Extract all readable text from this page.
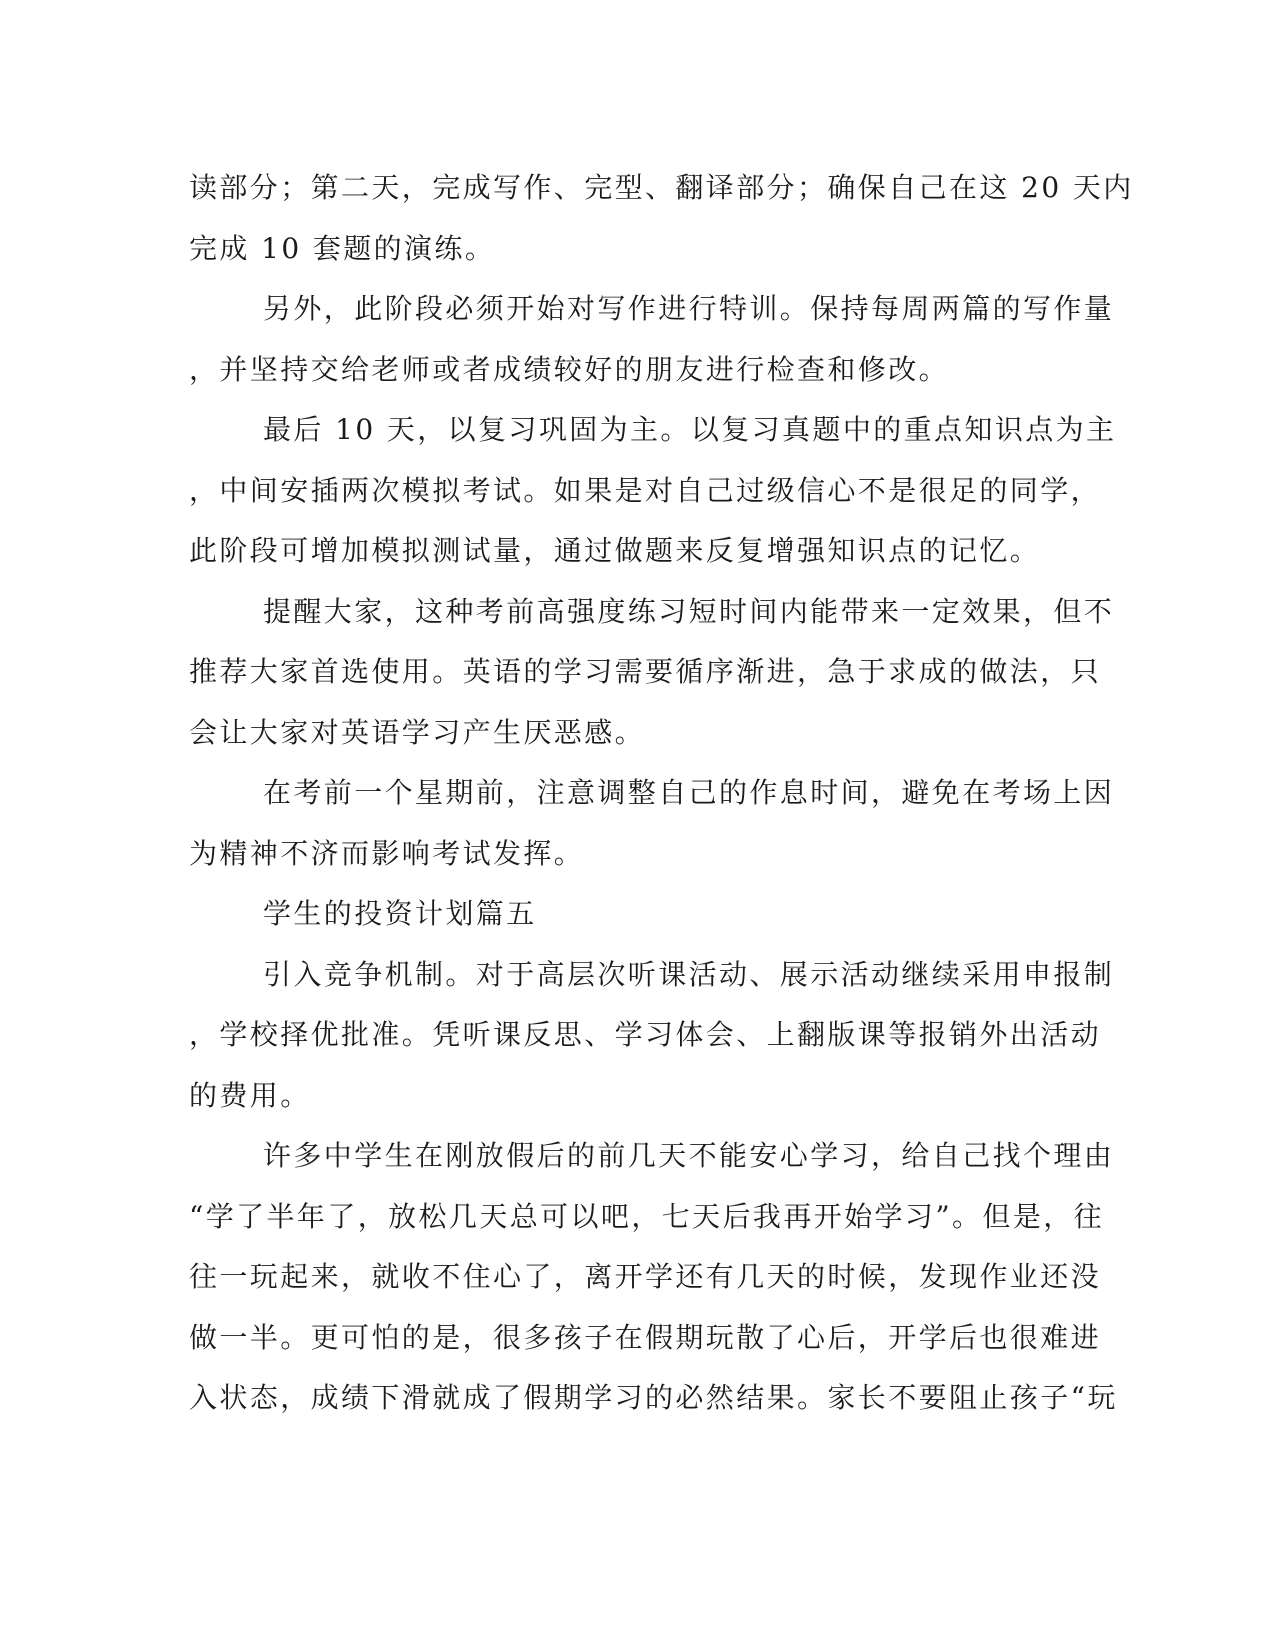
读部分；第二天，完成写作、完型、翻译部分；确保自己在这 20 天内
完成 10 套题的演练。
另外，此阶段必须开始对写作进行特训。保持每周两篇的写作量
，并坚持交给老师或者成绩较好的朋友进行检查和修改。
最后 10 天，以复习巩固为主。以复习真题中的重点知识点为主
，中间安插两次模拟考试。如果是对自己过级信心不是很足的同学，
此阶段可增加模拟测试量，通过做题来反复增强知识点的记忆。
提醒大家，这种考前高强度练习短时间内能带来一定效果，但不
推荐大家首选使用。英语的学习需要循序渐进，急于求成的做法，只
会让大家对英语学习产生厌恶感。
在考前一个星期前，注意调整自己的作息时间，避免在考场上因
为精神不济而影响考试发挥。
学生的投资计划篇五
引入竞争机制。对于高层次听课活动、展示活动继续采用申报制
，学校择优批准。凭听课反思、学习体会、上翻版课等报销外出活动
的费用。
许多中学生在刚放假后的前几天不能安心学习，给自己找个理由
“学了半年了，放松几天总可以吧，七天后我再开始学习”。但是，往
往一玩起来，就收不住心了，离开学还有几天的时候，发现作业还没
做一半。更可怕的是，很多孩子在假期玩散了心后，开学后也很难进
入状态，成绩下滑就成了假期学习的必然结果。家长不要阻止孩子“玩
